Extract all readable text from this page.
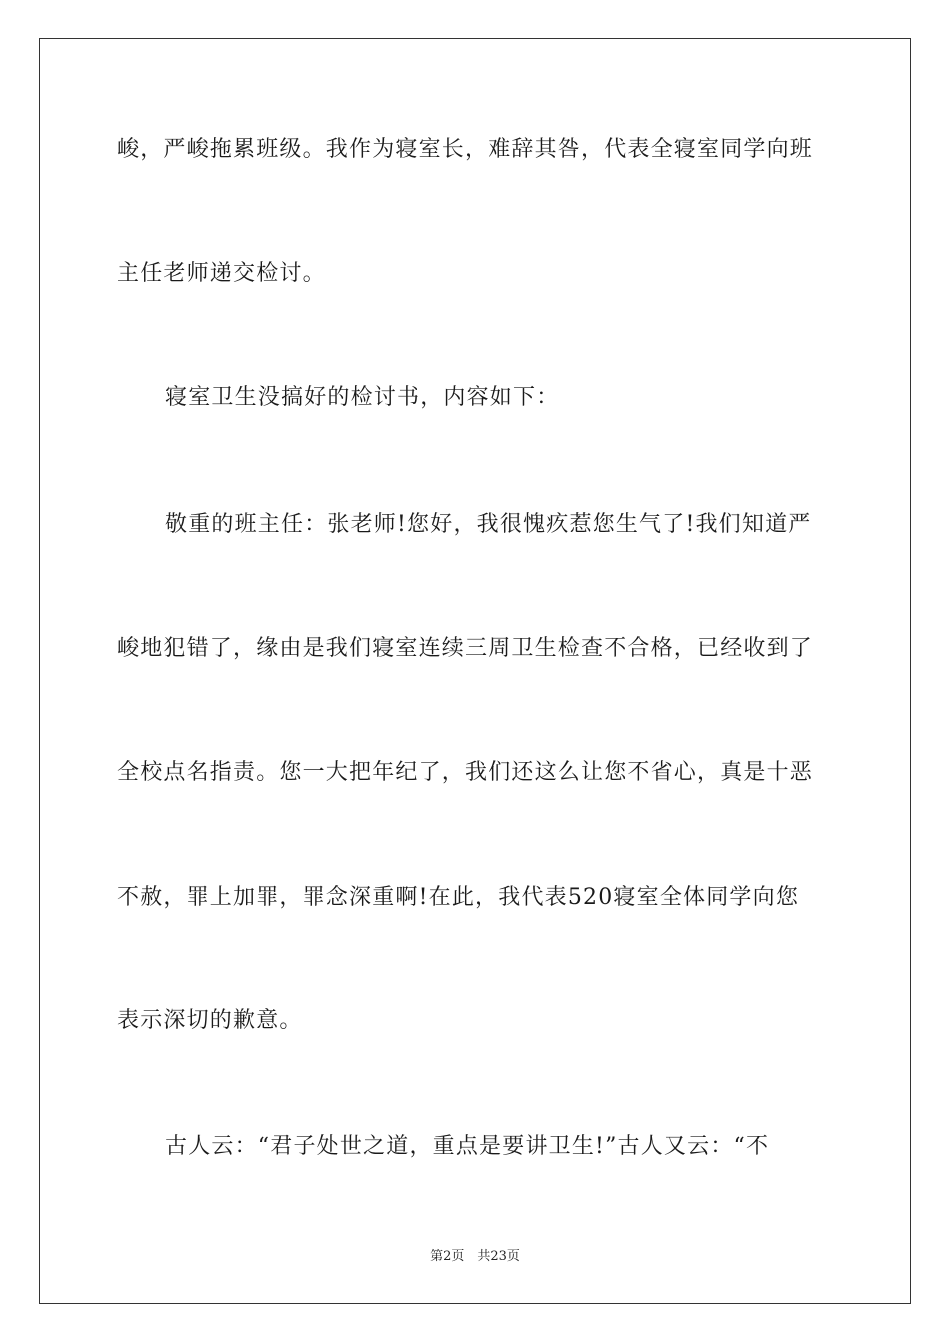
峻，严峻拖累班级。我作为寝室长，难辞其咎，代表全寝室同学向班
主任老师递交检讨。
寝室卫生没搞好的检讨书，内容如下：
敬重的班主任：张老师!您好，我很愧疚惹您生气了!我们知道严
峻地犯错了，缘由是我们寝室连续三周卫生检查不合格，已经收到了
全校点名指责。您一大把年纪了，我们还这么让您不省心，真是十恶
不赦，罪上加罪，罪念深重啊!在此，我代表520寝室全体同学向您
表示深切的歉意。
古人云：“君子处世之道，重点是要讲卫生!”古人又云：“不
第2页　共23页
